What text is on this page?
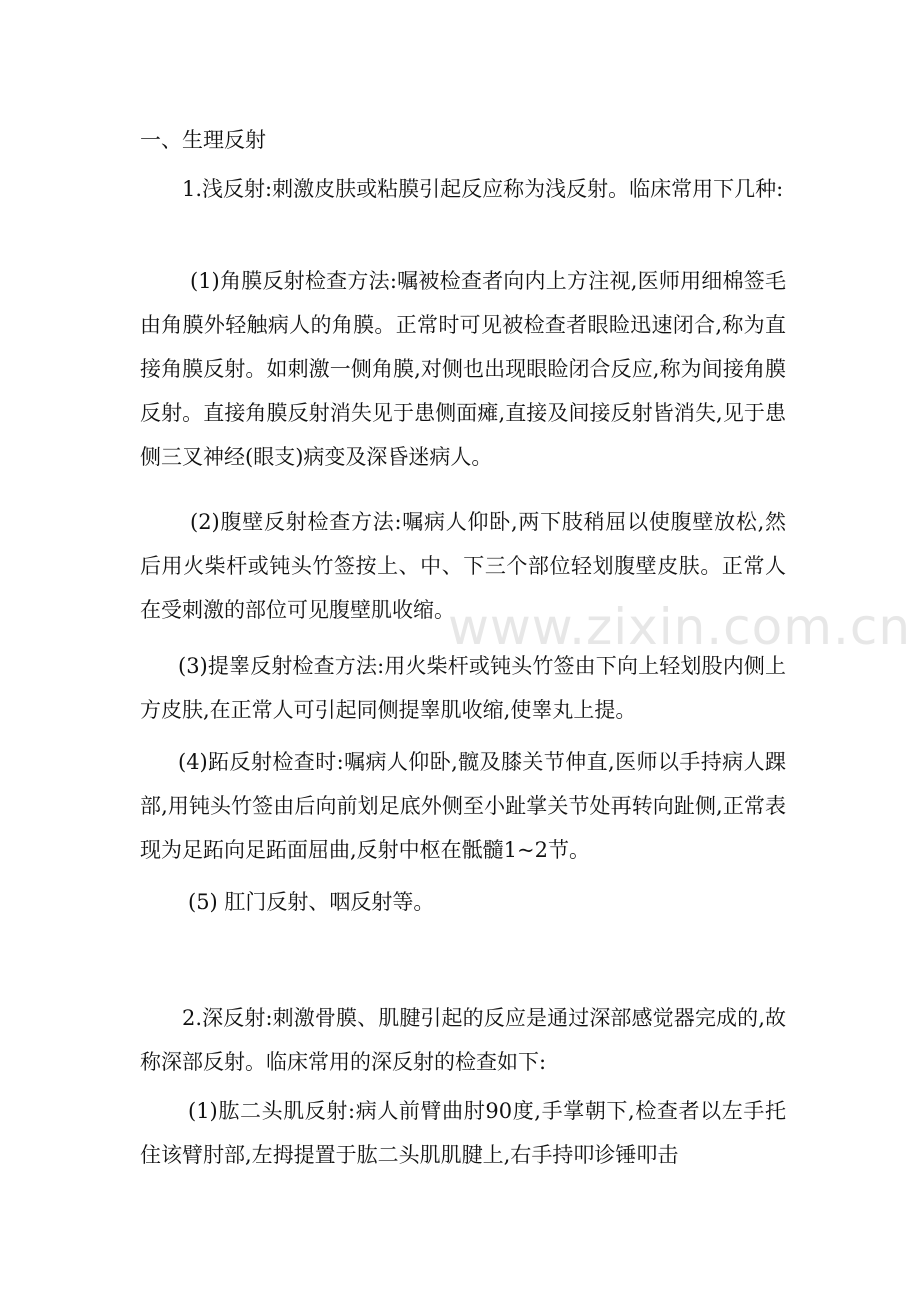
一、生理反射
1.浅反射:刺激皮肤或粘膜引起反应称为浅反射。临床常用下几种:
(1)角膜反射检查方法:嘱被检查者向内上方注视,医师用细棉签毛由角膜外轻触病人的角膜。正常时可见被检查者眼睑迅速闭合,称为直接角膜反射。如刺激一侧角膜,对侧也出现眼睑闭合反应,称为间接角膜反射。直接角膜反射消失见于患侧面瘫,直接及间接反射皆消失,见于患侧三叉神经(眼支)病变及深昏迷病人。
(2)腹壁反射检查方法:嘱病人仰卧,两下肢稍屈以使腹壁放松,然后用火柴杆或钝头竹签按上、中、下三个部位轻划腹壁皮肤。正常人在受刺激的部位可见腹壁肌收缩。
(3)提睾反射检查方法:用火柴杆或钝头竹签由下向上轻划股内侧上方皮肤,在正常人可引起同侧提睾肌收缩,使睾丸上提。
(4)跖反射检查时:嘱病人仰卧,髋及膝关节伸直,医师以手持病人踝部,用钝头竹签由后向前划足底外侧至小趾掌关节处再转向趾侧,正常表现为足跖向足跖面屈曲,反射中枢在骶髓1~2节。
(5) 肛门反射、咽反射等。
2.深反射:刺激骨膜、肌腱引起的反应是通过深部感觉器完成的,故称深部反射。临床常用的深反射的检查如下:
(1)肱二头肌反射:病人前臂曲肘90度,手掌朝下,检查者以左手托住该臂肘部,左拇提置于肱二头肌肌腱上,右手持叩诊锤叩击
www.zixin.com.cn
